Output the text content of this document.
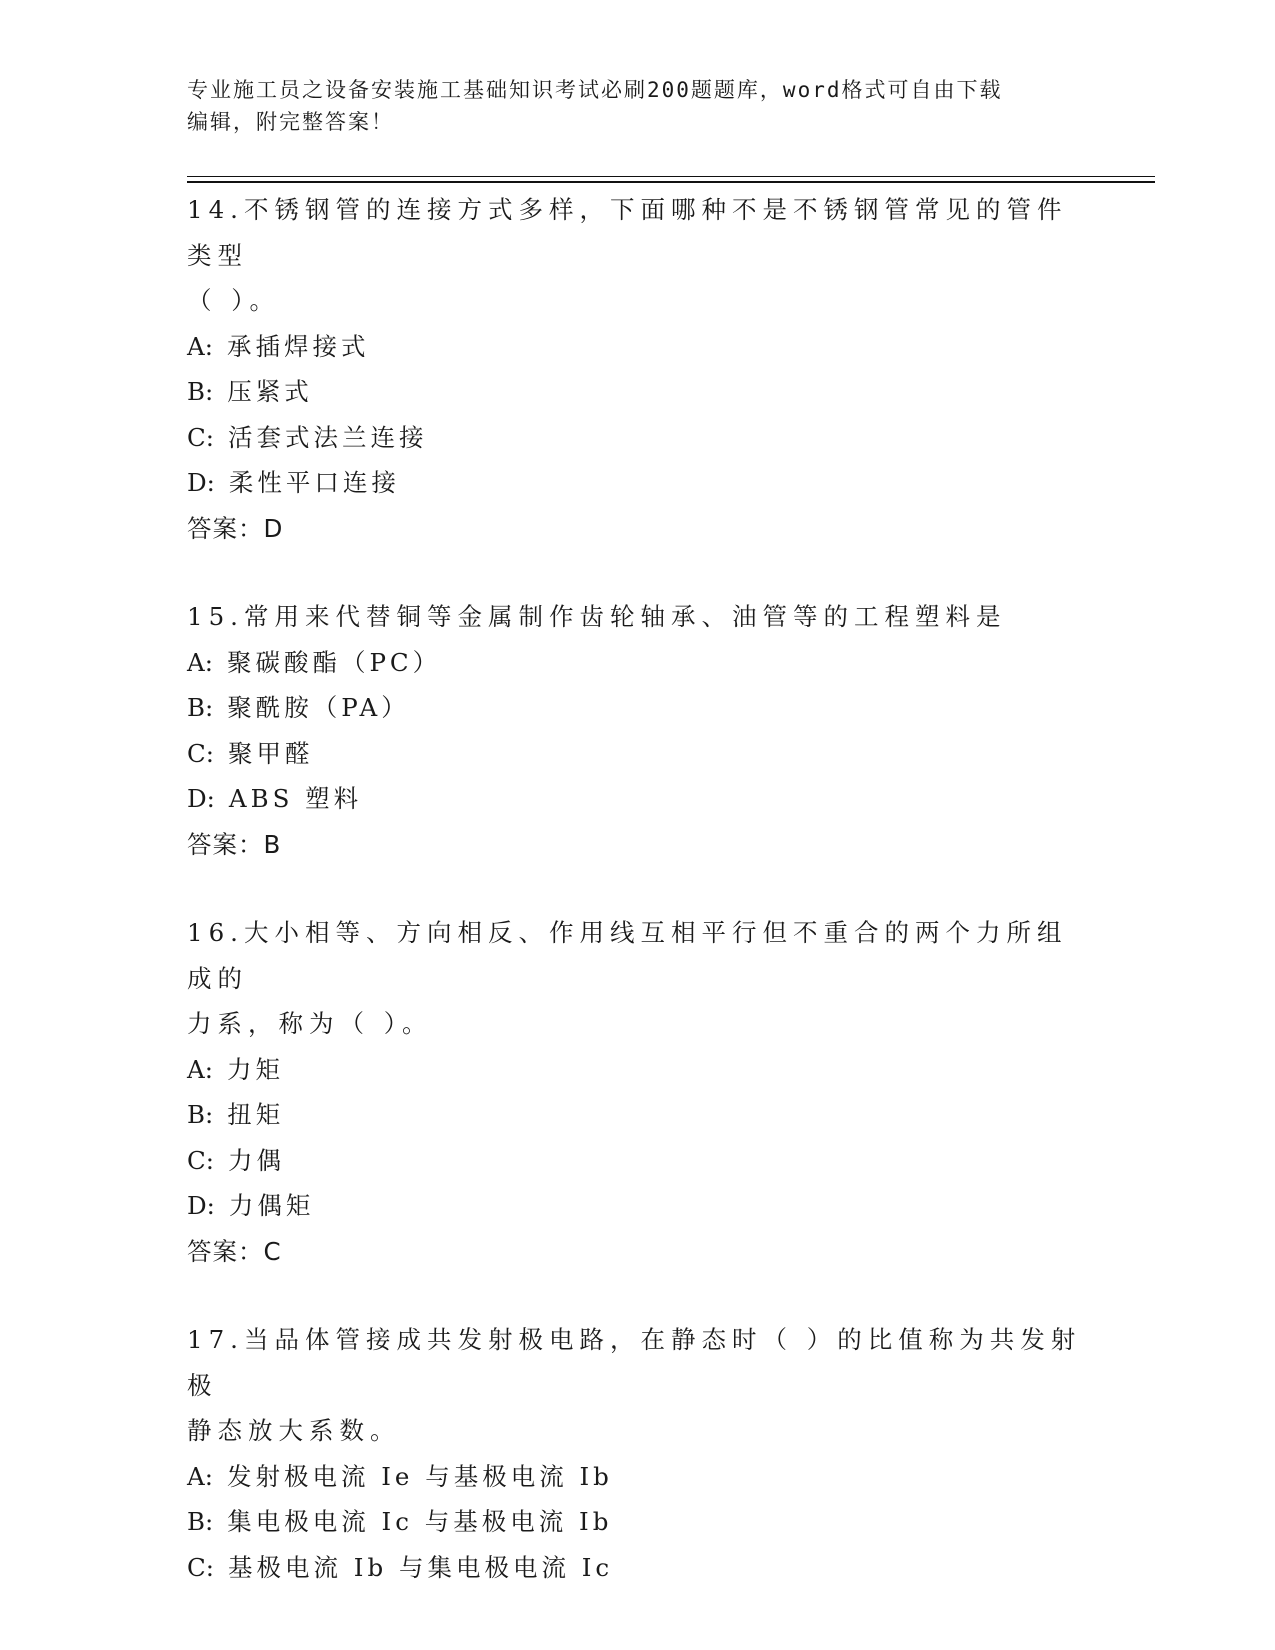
专业施工员之设备安装施工基础知识考试必刷200题题库，word格式可自由下载
编辑，附完整答案！
14.不锈钢管的连接方式多样，下面哪种不是不锈钢管常见的管件类型
（ ）。
A: 承插焊接式
B: 压紧式
C: 活套式法兰连接
D: 柔性平口连接
答案：D
15.常用来代替铜等金属制作齿轮轴承、油管等的工程塑料是
A: 聚碳酸酯（PC）
B: 聚酰胺（PA）
C: 聚甲醛
D: ABS 塑料
答案：B
16.大小相等、方向相反、作用线互相平行但不重合的两个力所组成的
力系，称为（ ）。
A: 力矩
B: 扭矩
C: 力偶
D: 力偶矩
答案：C
17.当品体管接成共发射极电路，在静态时（ ）的比值称为共发射极
静态放大系数。
A: 发射极电流 Ie 与基极电流 Ib
B: 集电极电流 Ic 与基极电流 Ib
C: 基极电流 Ib 与集电极电流 Ic
